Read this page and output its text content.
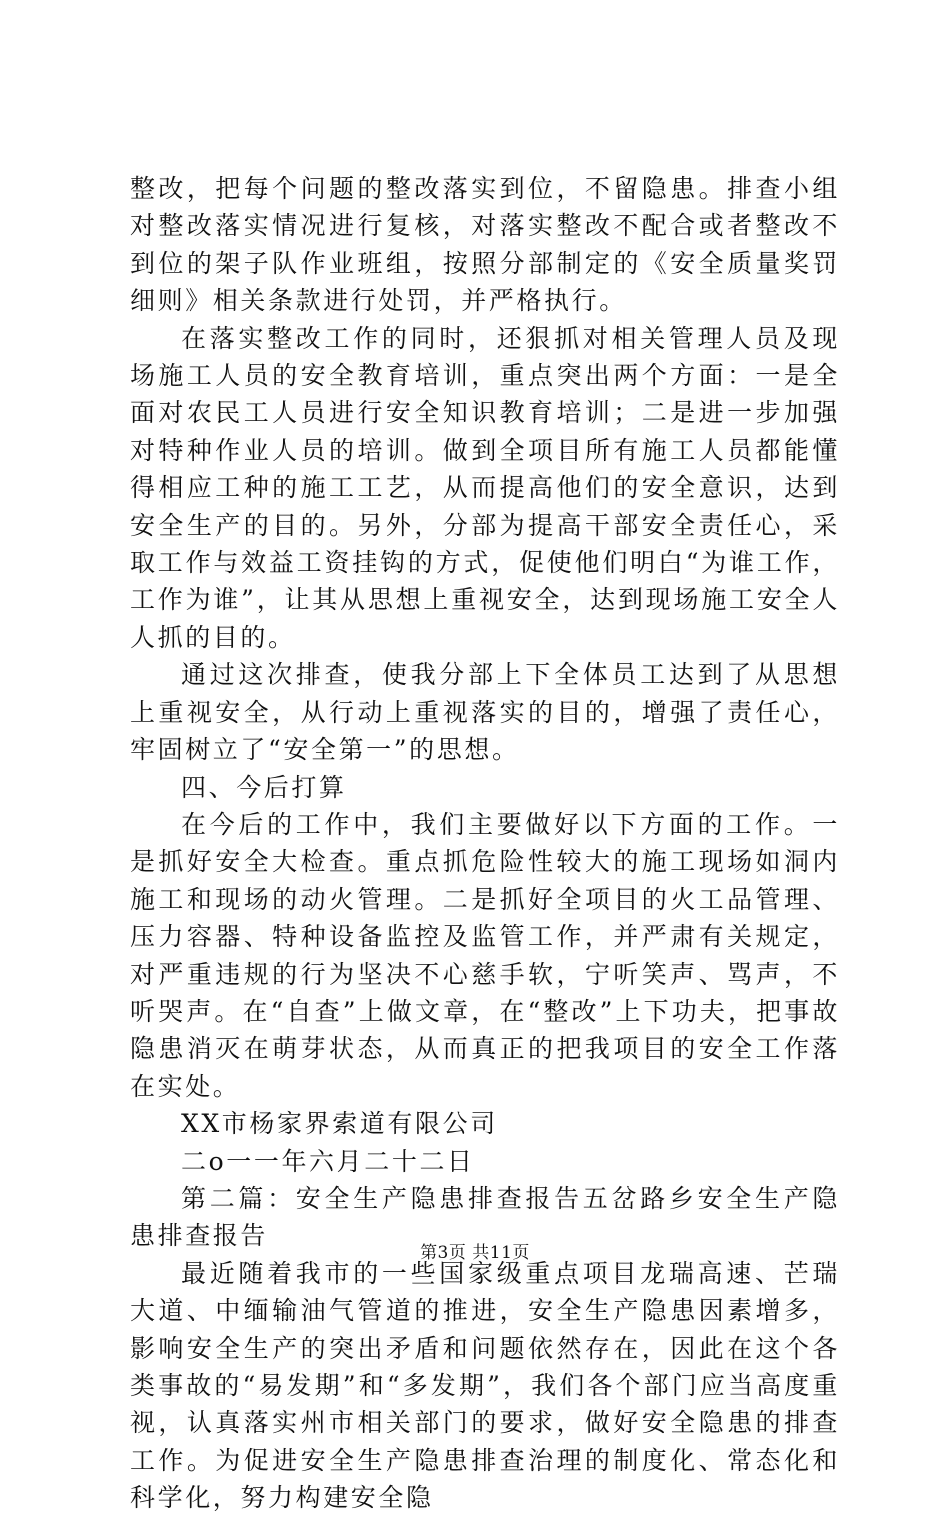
整改，把每个问题的整改落实到位，不留隐患。排查小组对整改落实情况进行复核，对落实整改不配合或者整改不到位的架子队作业班组，按照分部制定的《安全质量奖罚细则》相关条款进行处罚，并严格执行。

在落实整改工作的同时，还狠抓对相关管理人员及现场施工人员的安全教育培训，重点突出两个方面：一是全面对农民工人员进行安全知识教育培训；二是进一步加强对特种作业人员的培训。做到全项目所有施工人员都能懂得相应工种的施工工艺，从而提高他们的安全意识，达到安全生产的目的。另外，分部为提高干部安全责任心，采取工作与效益工资挂钩的方式，促使他们明白“为谁工作，工作为谁”，让其从思想上重视安全，达到现场施工安全人人抓的目的。

通过这次排查，使我分部上下全体员工达到了从思想上重视安全，从行动上重视落实的目的，增强了责任心，牢固树立了“安全第一”的思想。

四、今后打算

在今后的工作中，我们主要做好以下方面的工作。一是抓好安全大检查。重点抓危险性较大的施工现场如洞内施工和现场的动火管理。二是抓好全项目的火工品管理、压力容器、特种设备监控及监管工作，并严肃有关规定，对严重违规的行为坚决不心慈手软，宁听笑声、骂声，不听哭声。在“自查”上做文章，在“整改”上下功夫，把事故隐患消灭在萌芽状态，从而真正的把我项目的安全工作落在实处。

XX市杨家界索道有限公司

二o一一年六月二十二日

第二篇：安全生产隐患排查报告五岔路乡安全生产隐患排查报告

最近随着我市的一些国家级重点项目龙瑞高速、芒瑞大道、中缅输油气管道的推进，安全生产隐患因素增多，影响安全生产的突出矛盾和问题依然存在，因此在这个各类事故的“易发期”和“多发期”，我们各个部门应当高度重视，认真落实州市相关部门的要求，做好安全隐患的排查工作。为促进安全生产隐患排查治理的制度化、常态化和科学化，努力构建安全隐

第3页 共11页
